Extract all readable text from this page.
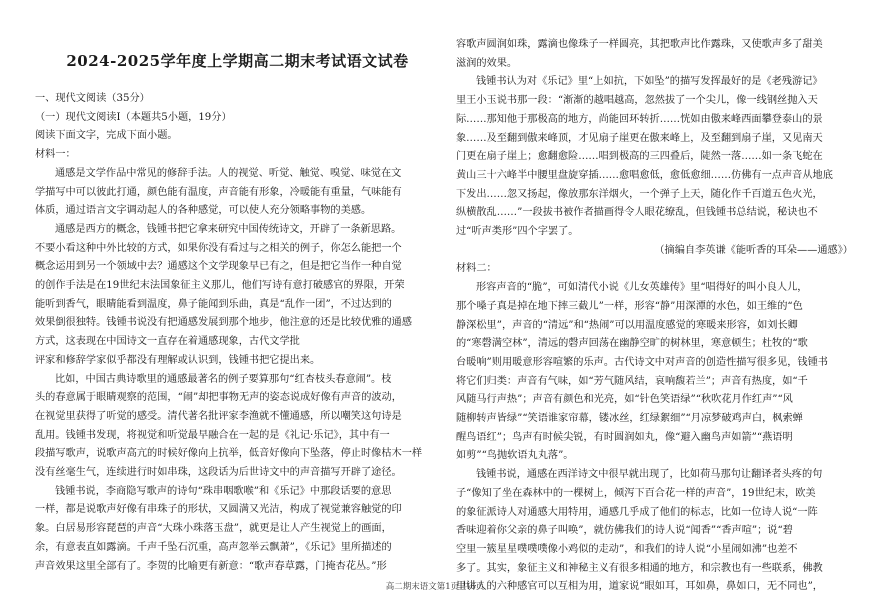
2024-2025学年度上学期高二期末考试语文试卷
一、现代文阅读（35分）
（一）现代文阅读Ⅰ（本题共5小题，19分）
阅读下面文字，完成下面小题。
材料一：
通感是文学作品中常见的修辞手法。人的视觉、听觉、触觉、嗅觉、味觉在文
学描写中可以彼此打通，颜色能有温度，声音能有形象，冷暖能有重量，气味能有
体质，通过语言文字调动起人的各种感觉，可以使人充分领略事物的美感。
通感是西方的概念，钱锺书把它拿来研究中国传统诗文，开辟了一条新思路。
不要小看这种中外比较的方式，如果你没有看过与之相关的例子，你怎么能把一个
概念运用到另一个领域中去？通感这个文学现象早已有之，但是把它当作一种自觉
的创作手法是在19世纪末法国象征主义那儿，他们写诗有意打破感官的界限，开荣
能听到香气，眼睛能看到温度，鼻子能闻到乐曲，真是“乱作一团”，不过达到的
效果倒很独特。钱锺书说没有把通感发展到那个地步，他注意的还是比较优雅的通感
方式，这表现在中国诗文一直存在着通感现象，古代文学批
评家和修辞学家似乎都没有理解或认识到，钱锺书把它提出来。
比如，中国古典诗歌里的通感最著名的例子要算那句“红杏枝头春意闹”。枝
头的春意属于眼睛观察的范围，“闹”却把事物无声的姿态说成好像有声音的波动，
在视觉里获得了听觉的感受。清代著名批评家李渔就不懂通感，所以嘲笑这句诗是
乱用。钱锺书发现，将视觉和听觉最早融合在一起的是《礼记·乐记》，其中有一
段描写歌声，说歌声高亢的时候好像向上抗举，低音好像向下坠落，停止时像枯木一样
没有丝毫生气，连续进行时如串珠，这段话为后世诗文中的声音描写开辟了途径。
钱锺书说，李商隐写歌声的诗句“珠串咽歌喉”和《乐记》中那段话要的意思
一样，都是说歌声好像有串珠子的形状，又圆满又光洁，构成了视觉兼容触觉的印
象。白居易形容琵琶的声音“大珠小珠落玉盘”，就更是让人产生视觉上的画面，
余，有意表直如露滴。千声千坠石沉重，高声忽举云飘萧”，《乐记》里所描述的
声音效果这里全部有了。李贺的比喻更有新意：“歌声春草露，门掩杏花丛。”形
容歌声圆润如珠，露滴也像珠子一样圆亮，其把歌声比作露珠，又使歌声多了甜美
滋润的效果。
钱锺书认为对《乐记》里“上如抗，下如坠”的描写发挥最好的是《老残游记》
里王小玉说书那一段：“渐渐的越唱越高，忽然拔了一个尖儿，像一线钢丝抛入天
际……那知他于那极高的地方，尚能回环转折……恍如由傲来峰西面攀登泰山的景
象……及至翻到傲来峰顶，才见扇子崖更在傲来峰上，及至翻到扇子崖，又见南天
门更在扇子崖上；愈翻愈险……唱到极高的三四叠后，陡然一落……如一条飞蛇在
黄山三十六峰半中腰里盘旋穿插……愈唱愈低，愈低愈细……仿佛有一点声音从地底
下发出……忽又扬起，像放那东洋烟火，一个弹子上天，随化作千百道五色火光，
纵横散乱……”一段拔书被作者描画得令人眼花缭乱，但钱锺书总结说，秘诀也不
过“听声类形”四个字罢了。
（摘编自李英谦《能听香的耳朵——通感》）
材料二：
形容声音的“脆”，可如清代小说《儿女英雄传》里“唱得好的叫小良人儿，
那个嗓子真是掉在地下摔三截儿”一样，形容“静”用深潭的水色，如王维的“色
静深松里”，声音的“清远”和“热闹”可以用温度感觉的寒暖来形容，如刘长卿
的“寒磬满空林”，清远的磬声回荡在幽静空旷的树林里，寒意顿生；杜牧的“歌
台暖响”则用暖意形容喧繁的乐声。古代诗文中对声音的创造性描写很多见，钱锺书
将它们归类：声音有气味，如“芳气随风结，哀响馥若兰”；声音有热度，如“千
风随马行声热”；声音有颜色和光亮，如“针色笑语绿”“秋吹花月作红声”“风
随柳转声皆绿”“笑语谁家帘幕，镂冰丝，红绿絮细”“月凉梦破鸡声白，枫索蝉
醒鸟语红”；鸟声有时候尖锐，有时圆润如丸，像“避入幽鸟声如箭”“燕语明
如剪”“鸟抛软语丸丸落”。
钱锺书说，通感在西洋诗文中很早就出现了，比如荷马那句让翻译者头疼的句
子“像知了坐在森林中的一棵树上，倾泻下百合花一样的声音”，19世纪末，欧美
的象征派诗人对通感大用特用，通感几乎成了他们的标志，比如一位诗人说“一阵
香味迎着你父亲的鼻子叫唤”，就仿佛我们的诗人说“闻香”“香声喧”；说“碧
空里一簇星星噗噗噗像小鸡似的走动”，和我们的诗人说“小星闹如沸”也差不
多了。其实，象征主义和神秘主义有很多相通的地方，和宗教也有一些联系，佛教
里讲人的六种感官可以互相为用，道家说“眼如耳，耳如鼻，鼻如口，无不同也”，
高二期末语文第1页 共6页
